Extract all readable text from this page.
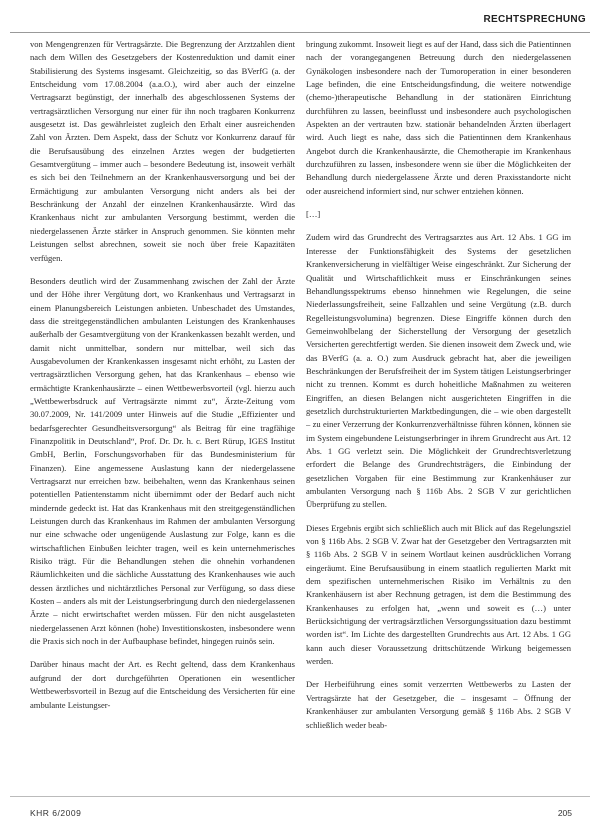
RECHTSPRECHUNG

von Mengengrenzen für Vertragsärzte. Die Begrenzung der Arztzahlen dient nach dem Willen des Gesetzgebers der Kostenreduktion und damit einer Stabilisierung des Systems insgesamt. Gleichzeitig, so das BVerfG (a. der Entscheidung vom 17.08.2004 (a.a.O.), wird aber auch der einzelne Vertragsarzt begünstigt, der innerhalb des abgeschlossenen Systems der vertragsärztlichen Versorgung nur einer für ihn noch tragbaren Konkurrenz ausgesetzt ist. Das gewährleistet zugleich den Erhalt einer ausreichenden Zahl von Ärzten. Dem Aspekt, dass der Schutz vor Konkurrenz darauf für die Berufsausübung des einzelnen Arztes wegen der budgetierten Gesamtvergütung – immer auch – besondere Bedeutung ist, insoweit verhält es sich bei den Teilnehmern an der Krankenhausversorgung und bei der Ermächtigung zur ambulanten Versorgung nicht anders als bei der Beschränkung der Anzahl der einzelnen Krankenhausärzte. Wird das Krankenhaus nicht zur ambulanten Versorgung bestimmt, werden die niedergelassenen Ärzte stärker in Anspruch genommen. Sie könnten mehr Leistungen selbst abrechnen, soweit sie noch über freie Kapazitäten verfügen.

Besonders deutlich wird der Zusammenhang zwischen der Zahl der Ärzte und der Höhe ihrer Vergütung dort, wo Krankenhaus und Vertragsarzt in einem Planungsbereich Leistungen anbieten. Unbeschadet des Umstandes, dass die streitgegenständlichen ambulanten Leistungen des Krankenhauses außerhalb der Gesamtvergütung von der Krankenkassen bezahlt werden, und damit nicht unmittelbar, sondern nur mittelbar, weil sich das Ausgabevolumen der Krankenkassen insgesamt nicht erhöht, zu Lasten der vertragsärztlichen Versorgung gehen, hat das Krankenhaus – ebenso wie ermächtigte Krankenhausärzte – einen Wettbewerbsvorteil (vgl. hierzu auch „Wettbewerbsdruck auf Vertragsärzte nimmt zu“, Ärzte-Zeitung vom 30.07.2009, Nr. 141/2009 unter Hinweis auf die Studie „Effizienter und bedarfsgerechter Gesundheitsversorgung“ als Beitrag für eine tragfähige Finanzpolitik in Deutschland“, Prof. Dr. Dr. h. c. Bert Rürup, IGES Institut GmbH, Berlin, Forschungsvorhaben für das Bundesministerium für Finanzen). Eine angemessene Auslastung kann der niedergelassene Vertragsarzt nur erreichen bzw. beibehalten, wenn das Krankenhaus seinen potentiellen Patientenstamm nicht übernimmt oder der Bedarf auch nicht mindernde gedeckt ist. Hat das Krankenhaus mit den streitgegenständlichen Leistungen durch das Krankenhaus im Rahmen der ambulanten Versorgung nur eine schwache oder ungenügende Auslastung zur Folge, kann es die wirtschaftlichen Einbußen leichter tragen, weil es kein unternehmerisches Risiko trägt. Für die Behandlungen stehen die ohnehin vorhandenen Räumlichkeiten und die sächliche Ausstattung des Krankenhauses wie auch dessen ärztliches und nichtärztliches Personal zur Verfügung, so dass diese Kosten – anders als mit der Leistungserbringung durch den niedergelassenen Ärzte – nicht erwirtschaftet werden müssen. Für den nicht ausgelasteten niedergelassenen Arzt können (hohe) Investitionskosten, insbesondere wenn die Praxis sich noch in der Aufbauphase befindet, hingegen ruinös sein.

Darüber hinaus macht der Art. es Recht geltend, dass dem Krankenhaus aufgrund der dort durchgeführten Operationen ein wesentlicher Wettbewerbsvorteil in Bezug auf die Entscheidung des Versicherten für eine ambulante Leistungser-

bringung zukommt. Insoweit liegt es auf der Hand, dass sich die Patientinnen nach der vorangegangenen Betreuung durch den niedergelassenen Gynäkologen insbesondere nach der Tumoroperation in einer besonderen Lage befinden, die eine Entscheidungsfindung, die weitere notwendige (chemo-)therapeutische Behandlung in der stationären Einrichtung durchführen zu lassen, beeinflusst und insbesondere auch psychologischen Aspekten an der vertrauten bzw. stationär behandelnden Ärzten überlagert wird. Auch liegt es nahe, dass sich die Patientinnen dem Krankenhaus Angebot durch die Krankenhausärzte, die Chemotherapie im Krankenhaus durchzuführen zu lassen, insbesondere wenn sie über die Möglichkeiten der Behandlung durch niedergelassene Ärzte und deren Praxisstandorte nicht oder ausreichend informiert sind, nur schwer entziehen können.

[…]

Zudem wird das Grundrecht des Vertragsarztes aus Art. 12 Abs. 1 GG im Interesse der Funktionsfähigkeit des Systems der gesetzlichen Krankenversicherung in vielfältiger Weise eingeschränkt. Zur Sicherung der Qualität und Wirtschaftlichkeit muss er Einschränkungen seines Behandlungsspektrums ebenso hinnehmen wie Regelungen, die seine Niederlassungsfreiheit, seine Fallzahlen und seine Vergütung (z.B. durch Regelleistungsvolumina) begrenzen. Diese Eingriffe können durch den Gemeinwohlbelang der Sicherstellung der Versorgung der gesetzlich Versicherten gerechtfertigt werden. Sie dienen insoweit dem Zweck und, wie das BVerfG (a. a. O.) zum Ausdruck gebracht hat, aber die jeweiligen Beschränkungen der Berufsfreiheit der im System tätigen Leistungserbringer nicht zu trennen. Kommt es durch hoheitliche Maßnahmen zu weiteren Eingriffen, an diesen Belangen nicht ausgerichteten Eingriffen in die gesetzlich durchstrukturierten Marktbedingungen, die – wie oben dargestellt – zu einer Verzerrung der Konkurrenzverhältnisse führen können, können sie im System eingebundene Leistungserbringer in ihrem Grundrecht aus Art. 12 Abs. 1 GG verletzt sein. Die Möglichkeit der Grundrechtsverletzung erfordert die Belange des Grundrechtsträgers, die Einbindung der gesetzlichen Vorgaben für eine Bestimmung zur Krankenhäuser zur ambulanten Versorgung nach § 116b Abs. 2 SGB V zur gerichtlichen Überprüfung zu stellen.

Dieses Ergebnis ergibt sich schließlich auch mit Blick auf das Regelungsziel von § 116b Abs. 2 SGB V. Zwar hat der Gesetzgeber den Vertragsarzten mit § 116b Abs. 2 SGB V in seinem Wortlaut keinen ausdrücklichen Vorrang eingeräumt. Eine Berufsausübung in einem staatlich regulierten Markt mit dem spezifischen unternehmerischen Risiko im Verhältnis zu den Krankenhäusern ist aber Rechnung getragen, ist dem die Bestimmung des Krankenhauses zu erfolgen hat, „wenn und soweit es (…) unter Berücksichtigung der vertragsärztlichen Versorgungssituation dazu bestimmt worden ist“. Im Lichte des dargestellten Grundrechts aus Art. 12 Abs. 1 GG kann auch dieser Voraussetzung drittschützende Wirkung beigemessen werden.

Der Herbeiführung eines somit verzerrten Wettbewerbs zu Lasten der Vertragsärzte hat der Gesetzgeber, die – insgesamt – Öffnung der Krankenhäuser zur ambulanten Versorgung gemäß § 116b Abs. 2 SGB V schließlich weder beab-

KHR 6/2009	205
